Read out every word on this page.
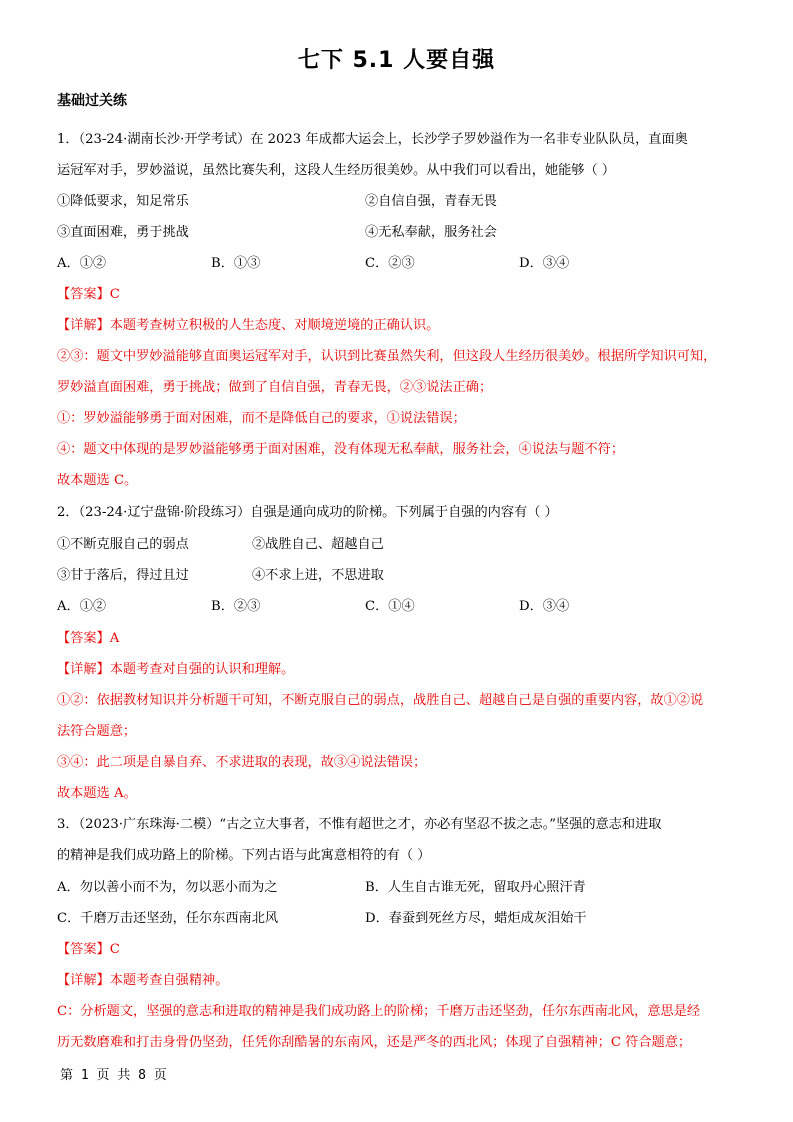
七下 5.1 人要自强
基础过关练
1．（23-24·湖南长沙·开学考试）在 2023 年成都大运会上，长沙学子罗妙溢作为一名非专业队队员，直面奥
运冠军对手，罗妙溢说，虽然比赛失利，这段人生经历很美妙。从中我们可以看出，她能够（ ）
①降低要求，知足常乐	②自信自强，青春无畏
③直面困难，勇于挑战	④无私奉献，服务社会
A．①②	B．①③	C．②③	D．③④
【答案】C
【详解】本题考查树立积极的人生态度、对顺境逆境的正确认识。
②③：题文中罗妙溢能够直面奥运冠军对手，认识到比赛虽然失利，但这段人生经历很美妙。根据所学知识可知，
罗妙溢直面困难，勇于挑战；做到了自信自强，青春无畏，②③说法正确；
①：罗妙溢能够勇于面对困难，而不是降低自己的要求，①说法错误；
④：题文中体现的是罗妙溢能够勇于面对困难，没有体现无私奉献，服务社会，④说法与题不符；
故本题选 C。
2．（23-24·辽宁盘锦·阶段练习）自强是通向成功的阶梯。下列属于自强的内容有（ ）
①不断克服自己的弱点	②战胜自己、超越自己
③甘于落后，得过且过	④不求上进，不思进取
A．①②	B．②③	C．①④	D．③④
【答案】A
【详解】本题考查对自强的认识和理解。
①②：依据教材知识并分析题干可知，不断克服自己的弱点，战胜自己、超越自己是自强的重要内容，故①②说
法符合题意；
③④：此二项是自暴自弃、不求进取的表现，故③④说法错误；
故本题选 A。
3．（2023·广东珠海·二模）“古之立大事者，不惟有超世之才，亦必有坚忍不拔之志。”坚强的意志和进取
的精神是我们成功路上的阶梯。下列古语与此寓意相符的有（ ）
A．勿以善小而不为，勿以恶小而为之	B．人生自古谁无死，留取丹心照汗青
C．千磨万击还坚劲，任尔东西南北风	D．春蚕到死丝方尽，蜡炬成灰泪始干
【答案】C
【详解】本题考查自强精神。
C：分析题文，坚强的意志和进取的精神是我们成功路上的阶梯；千磨万击还坚劲，任尔东西南北风，意思是经
历无数磨难和打击身骨仍坚劲，任凭你刮酷暑的东南风，还是严冬的西北风；体现了自强精神；C 符合题意；
第 1 页 共 8 页
